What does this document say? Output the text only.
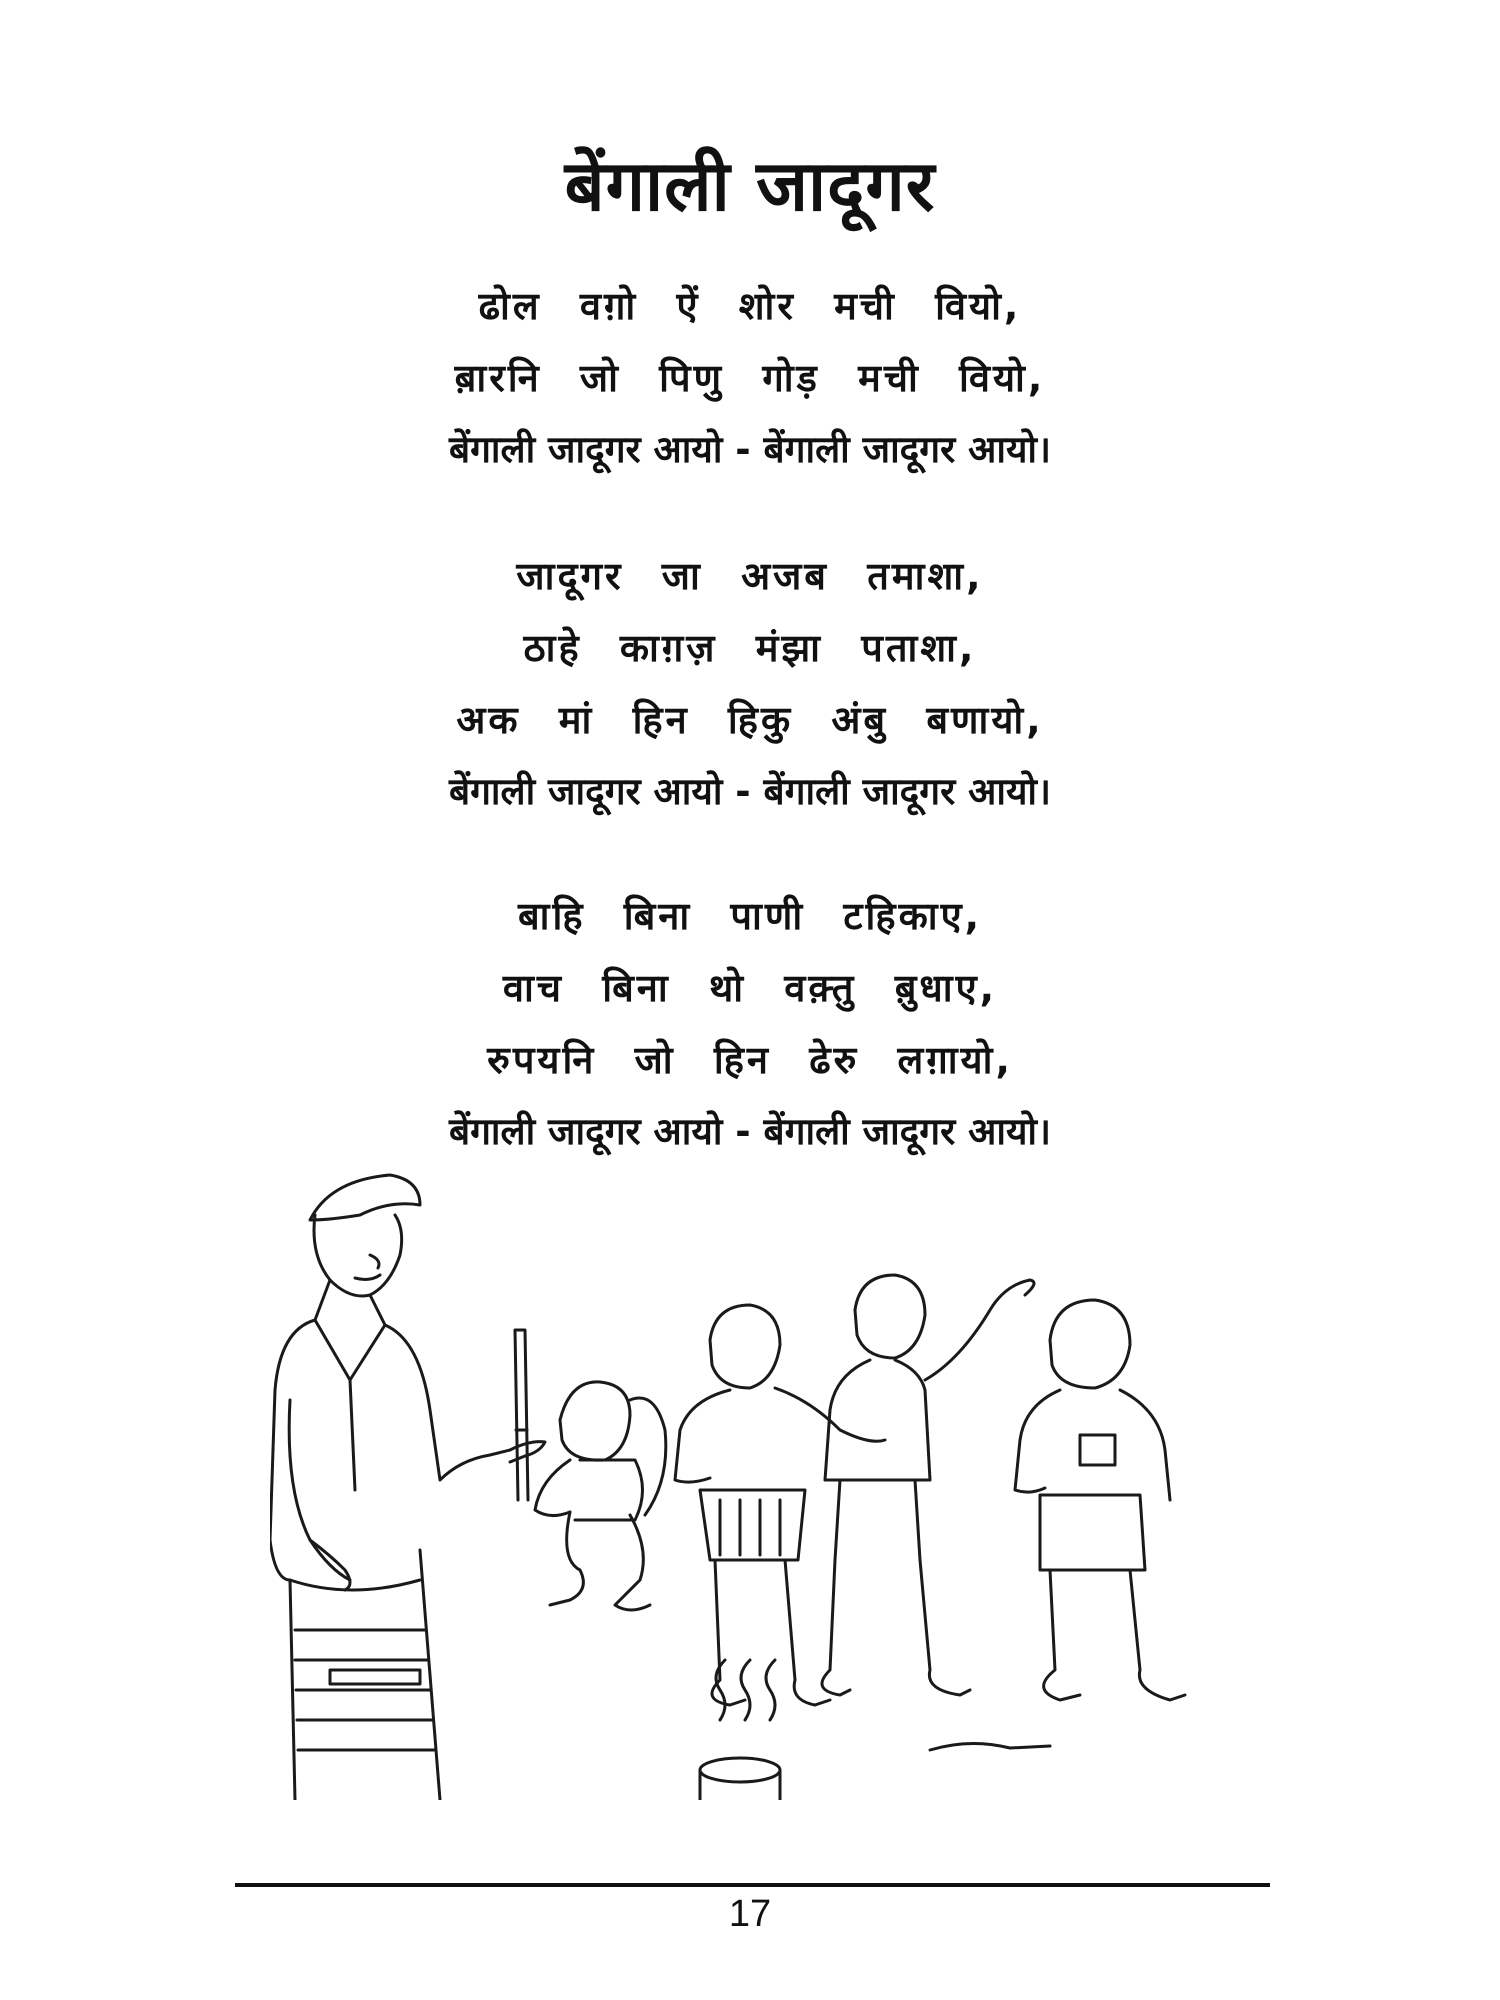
बेंगाली जादूगर
ढोल वग़ो ऐं शोर मची वियो,
ब़ारनि जो पिणु गोड़ मची वियो,
बेंगाली जादूगर आयो - बेंगाली जादूगर आयो।
जादूगर जा अजब तमाशा,
ठाहे काग़ज़ मंझा पताशा,
अक मां हिन हिकु अंबु बणायो,
बेंगाली जादूगर आयो - बेंगाली जादूगर आयो।
बाहि बिना पाणी टहिकाए,
वाच बिना थो वक़्तु ब़ुधाए,
रुपयनि जो हिन ढेरु लग़ायो,
बेंगाली जादूगर आयो - बेंगाली जादूगर आयो।
17
